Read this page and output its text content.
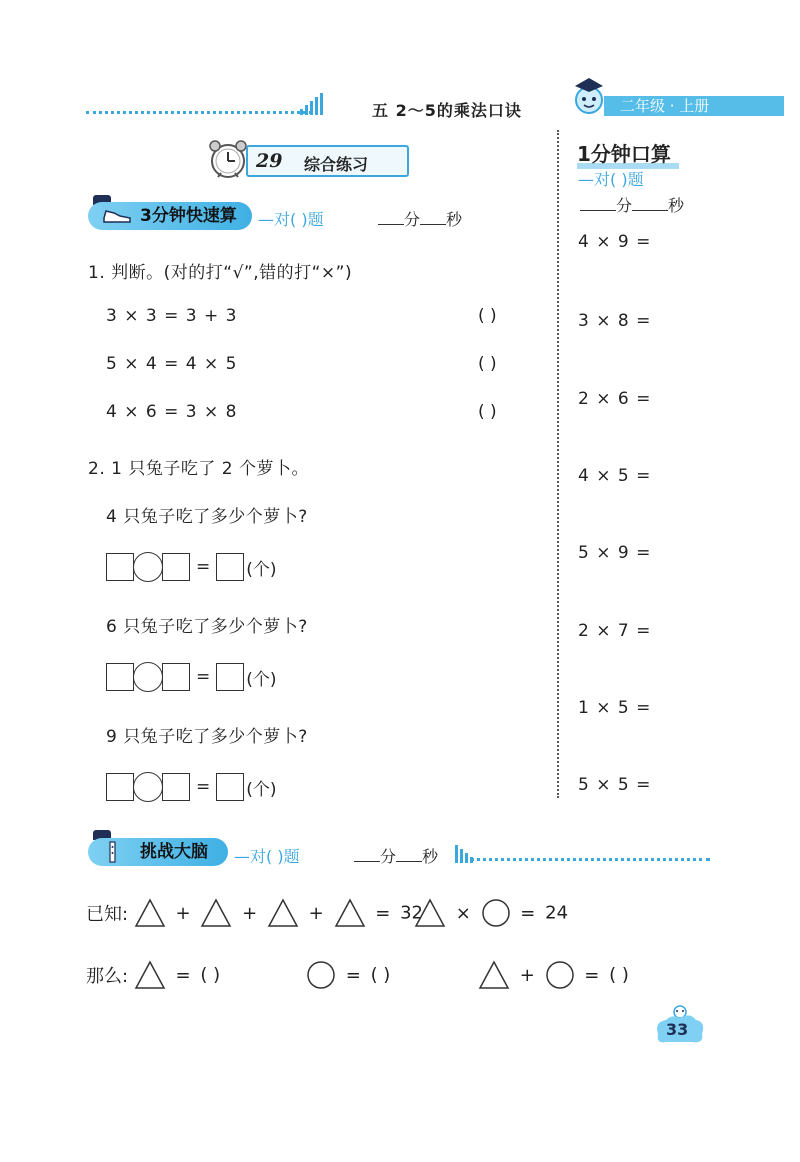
五 2～5的乘法口诀	二年级 · 上册
29 综合练习
3分钟快速算 —对( )题	分 秒
1. 判断。(对的打“√”,错的打“×”)
3 × 3 = 3 + 3	( )
5 × 4 = 4 × 5	( )
4 × 6 = 3 × 8	( )
2. 1 只兔子吃了 2 个萝卜。
4 只兔子吃了多少个萝卜?
= (个)
6 只兔子吃了多少个萝卜?
= (个)
9 只兔子吃了多少个萝卜?
= (个)
1分钟口算
—对( )题
分 秒
4 × 9 =
3 × 8 =
2 × 6 =
4 × 5 =
5 × 9 =
2 × 7 =
1 × 5 =
5 × 5 =
挑战大脑 —对( )题	分 秒
已知:	+	+	+	= 32	×	= 24
那么:	= ( )	= ( )	+	= ( )
33
